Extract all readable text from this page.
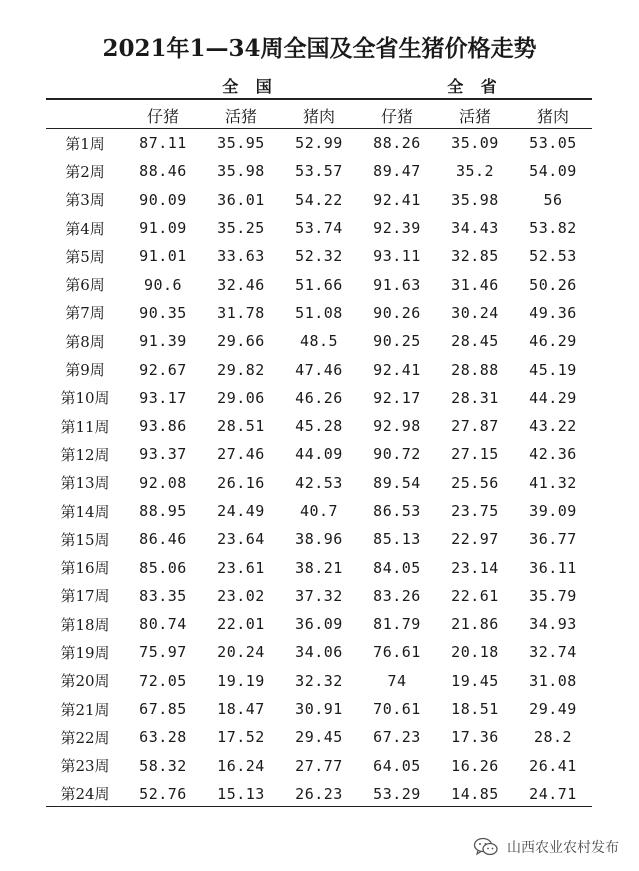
2021年1—34周全国及全省生猪价格走势
全 国	全 省
	仔猪	活猪	猪肉	仔猪	活猪	猪肉
第1周	87.11	35.95	52.99	88.26	35.09	53.05
第2周	88.46	35.98	53.57	89.47	35.2	54.09
第3周	90.09	36.01	54.22	92.41	35.98	56
第4周	91.09	35.25	53.74	92.39	34.43	53.82
第5周	91.01	33.63	52.32	93.11	32.85	52.53
第6周	90.6	32.46	51.66	91.63	31.46	50.26
第7周	90.35	31.78	51.08	90.26	30.24	49.36
第8周	91.39	29.66	48.5	90.25	28.45	46.29
第9周	92.67	29.82	47.46	92.41	28.88	45.19
第10周	93.17	29.06	46.26	92.17	28.31	44.29
第11周	93.86	28.51	45.28	92.98	27.87	43.22
第12周	93.37	27.46	44.09	90.72	27.15	42.36
第13周	92.08	26.16	42.53	89.54	25.56	41.32
第14周	88.95	24.49	40.7	86.53	23.75	39.09
第15周	86.46	23.64	38.96	85.13	22.97	36.77
第16周	85.06	23.61	38.21	84.05	23.14	36.11
第17周	83.35	23.02	37.32	83.26	22.61	35.79
第18周	80.74	22.01	36.09	81.79	21.86	34.93
第19周	75.97	20.24	34.06	76.61	20.18	32.74
第20周	72.05	19.19	32.32	74	19.45	31.08
第21周	67.85	18.47	30.91	70.61	18.51	29.49
第22周	63.28	17.52	29.45	67.23	17.36	28.2
第23周	58.32	16.24	27.77	64.05	16.26	26.41
第24周	52.76	15.13	26.23	53.29	14.85	24.71
山西农业农村发布
